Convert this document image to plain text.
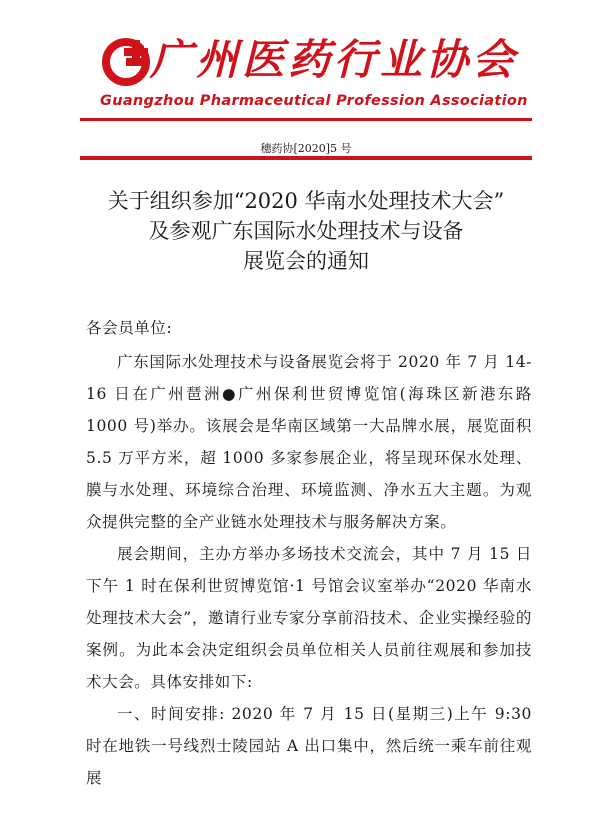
广州医药行业协会

Guangzhou Pharmaceutical Profession Association

穗药协[2020]5 号

关于组织参加“2020 华南水处理技术大会”
及参观广东国际水处理技术与设备
展览会的通知

各会员单位:

广东国际水处理技术与设备展览会将于 2020 年 7 月 14-16 日在广州琶洲●广州保利世贸博览馆(海珠区新港东路 1000 号)举办。该展会是华南区域第一大品牌水展，展览面积 5.5 万平方米，超 1000 多家参展企业，将呈现环保水处理、膜与水处理、环境综合治理、环境监测、净水五大主题。为观众提供完整的全产业链水处理技术与服务解决方案。

展会期间，主办方举办多场技术交流会，其中 7 月 15 日下午 1 时在保利世贸博览馆·1 号馆会议室举办“2020 华南水处理技术大会”，邀请行业专家分享前沿技术、企业实操经验的案例。为此本会决定组织会员单位相关人员前往观展和参加技术大会。具体安排如下:

一、时间安排: 2020 年 7 月 15 日(星期三)上午 9:30 时在地铁一号线烈士陵园站 A 出口集中，然后统一乘车前往观展
